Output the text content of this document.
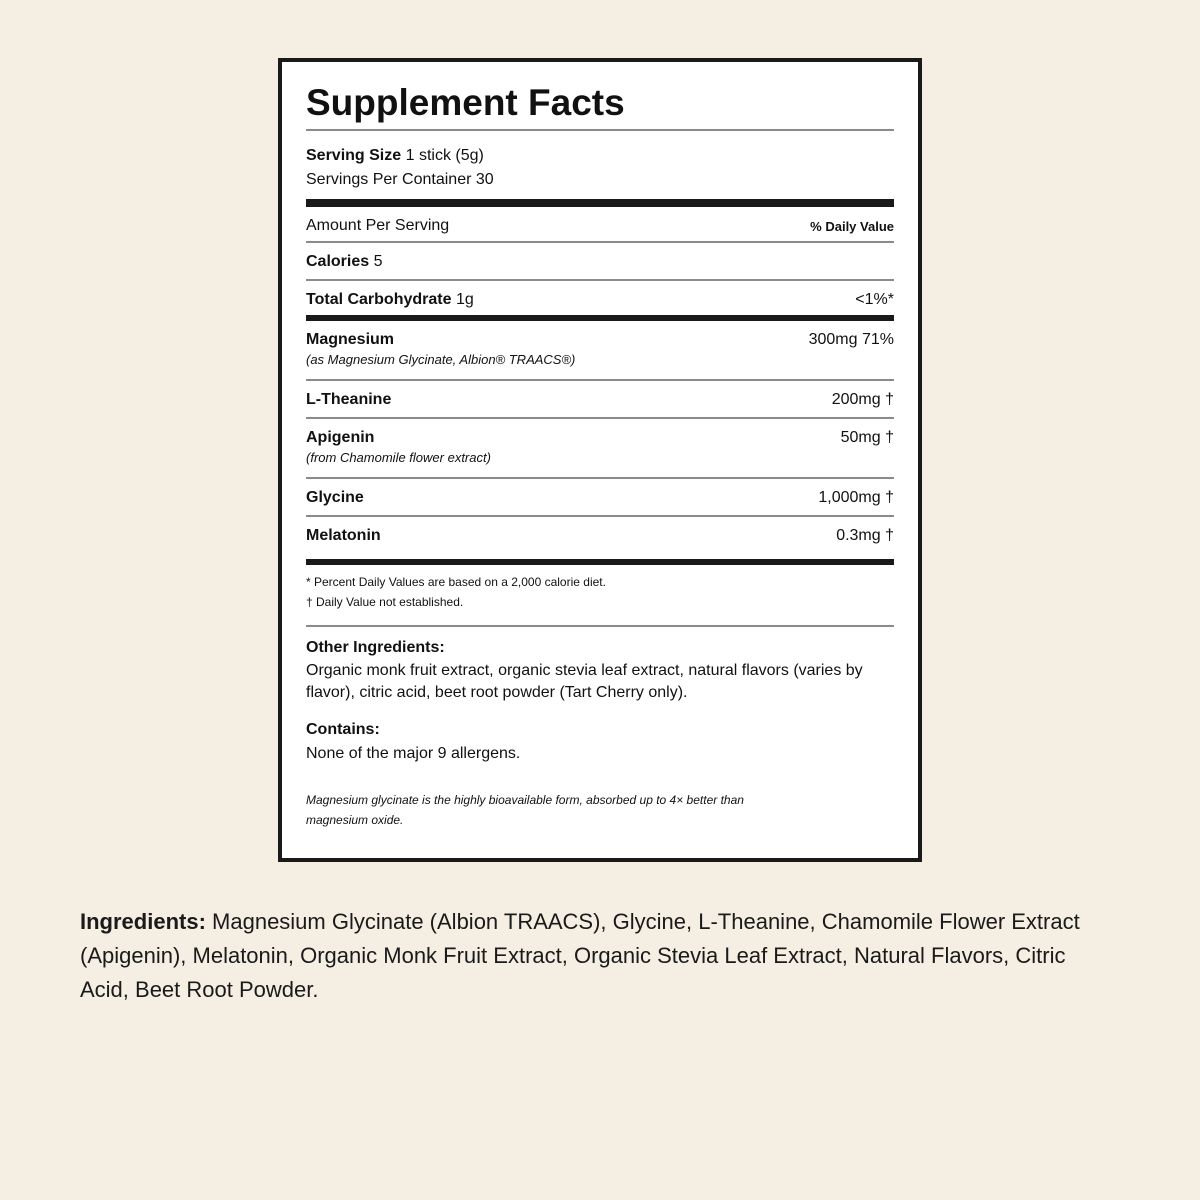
Supplement Facts
Serving Size 1 stick (5g)
Servings Per Container 30
Amount Per Serving	% Daily Value
Calories 5
Total Carbohydrate 1g	<1%*
Magnesium	300mg 71%
(as Magnesium Glycinate, Albion® TRAACS®)
L-Theanine	200mg †
Apigenin	50mg †
(from Chamomile flower extract)
Glycine	1,000mg †
Melatonin	0.3mg †
* Percent Daily Values are based on a 2,000 calorie diet.
† Daily Value not established.
Other Ingredients:
Organic monk fruit extract, organic stevia leaf extract, natural flavors (varies by flavor), citric acid, beet root powder (Tart Cherry only).
Contains:
None of the major 9 allergens.
Magnesium glycinate is the highly bioavailable form, absorbed up to 4× better than magnesium oxide.
Ingredients: Magnesium Glycinate (Albion TRAACS), Glycine, L-Theanine, Chamomile Flower Extract (Apigenin), Melatonin, Organic Monk Fruit Extract, Organic Stevia Leaf Extract, Natural Flavors, Citric Acid, Beet Root Powder.
